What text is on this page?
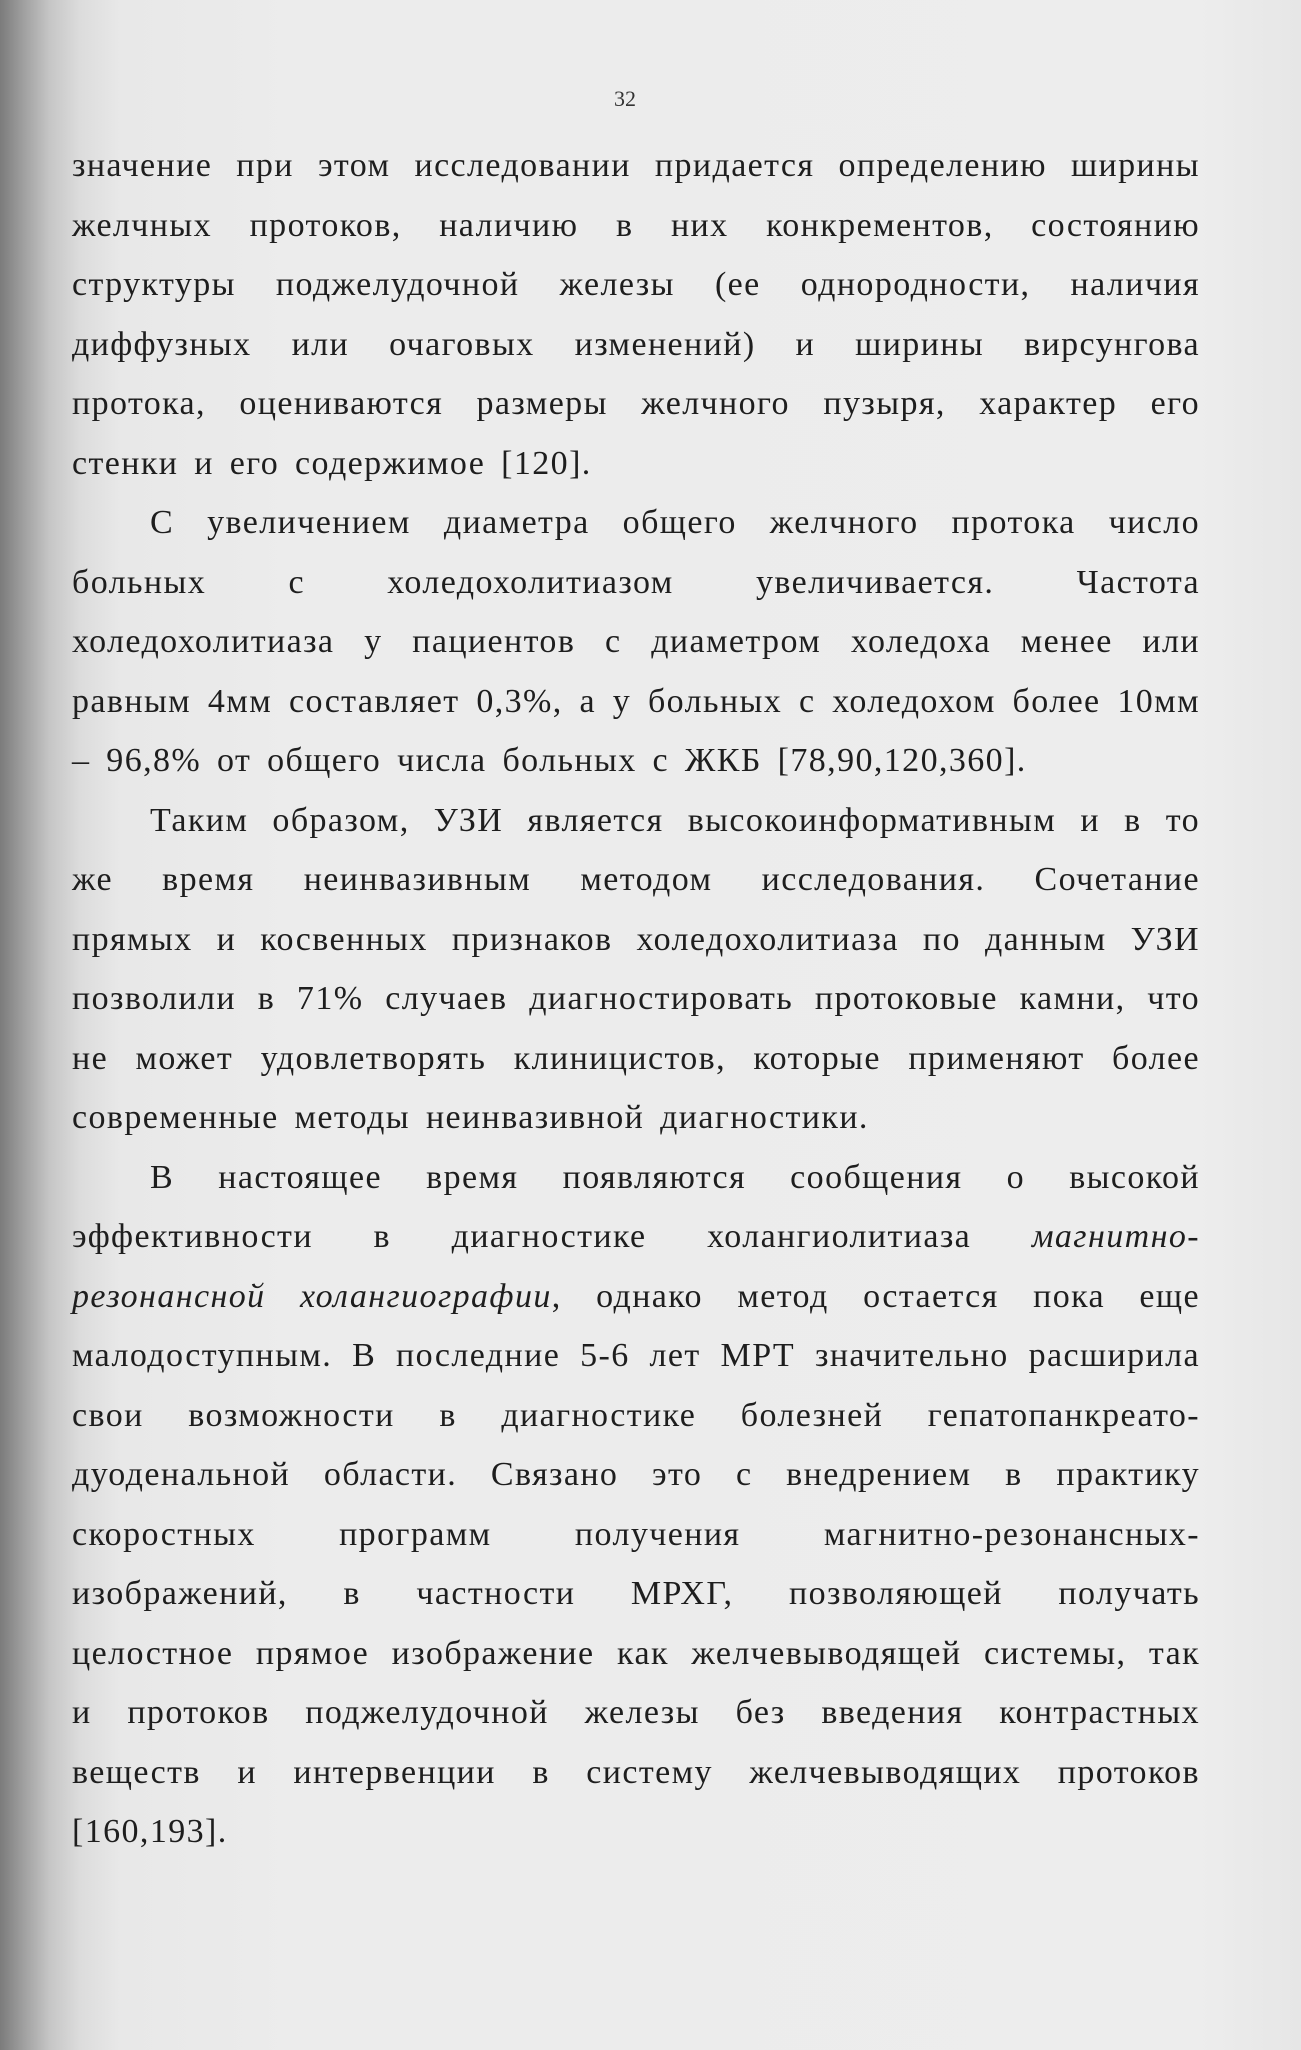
32
значение при этом исследовании придается определению ширины
желчных протоков, наличию в них конкрементов, состоянию
структуры поджелудочной железы (ее однородности, наличия
диффузных или очаговых изменений) и ширины вирсунгова
протока, оцениваются размеры желчного пузыря, характер его
стенки и его содержимое [120].
С увеличением диаметра общего желчного протока число
больных с холедохолитиазом увеличивается. Частота
холедохолитиаза у пациентов с диаметром холедоха менее или
равным 4мм составляет 0,3%, а у больных с холедохом более 10мм
– 96,8% от общего числа больных с ЖКБ [78,90,120,360].
Таким образом, УЗИ является высокоинформативным и в то
же время неинвазивным методом исследования. Сочетание
прямых и косвенных признаков холедохолитиаза по данным УЗИ
позволили в 71% случаев диагностировать протоковые камни, что
не может удовлетворять клиницистов, которые применяют более
современные методы неинвазивной диагностики.
В настоящее время появляются сообщения о высокой
эффективности в диагностике холангиолитиаза магнитно-
резонансной холангиографии, однако метод остается пока еще
малодоступным. В последние 5-6 лет МРТ значительно расширила
свои возможности в диагностике болезней гепатопанкреато-
дуоденальной области. Связано это с внедрением в практику
скоростных программ получения магнитно-резонансных-
изображений, в частности МРХГ, позволяющей получать
целостное прямое изображение как желчевыводящей системы, так
и протоков поджелудочной железы без введения контрастных
веществ и интервенции в систему желчевыводящих протоков
[160,193].
